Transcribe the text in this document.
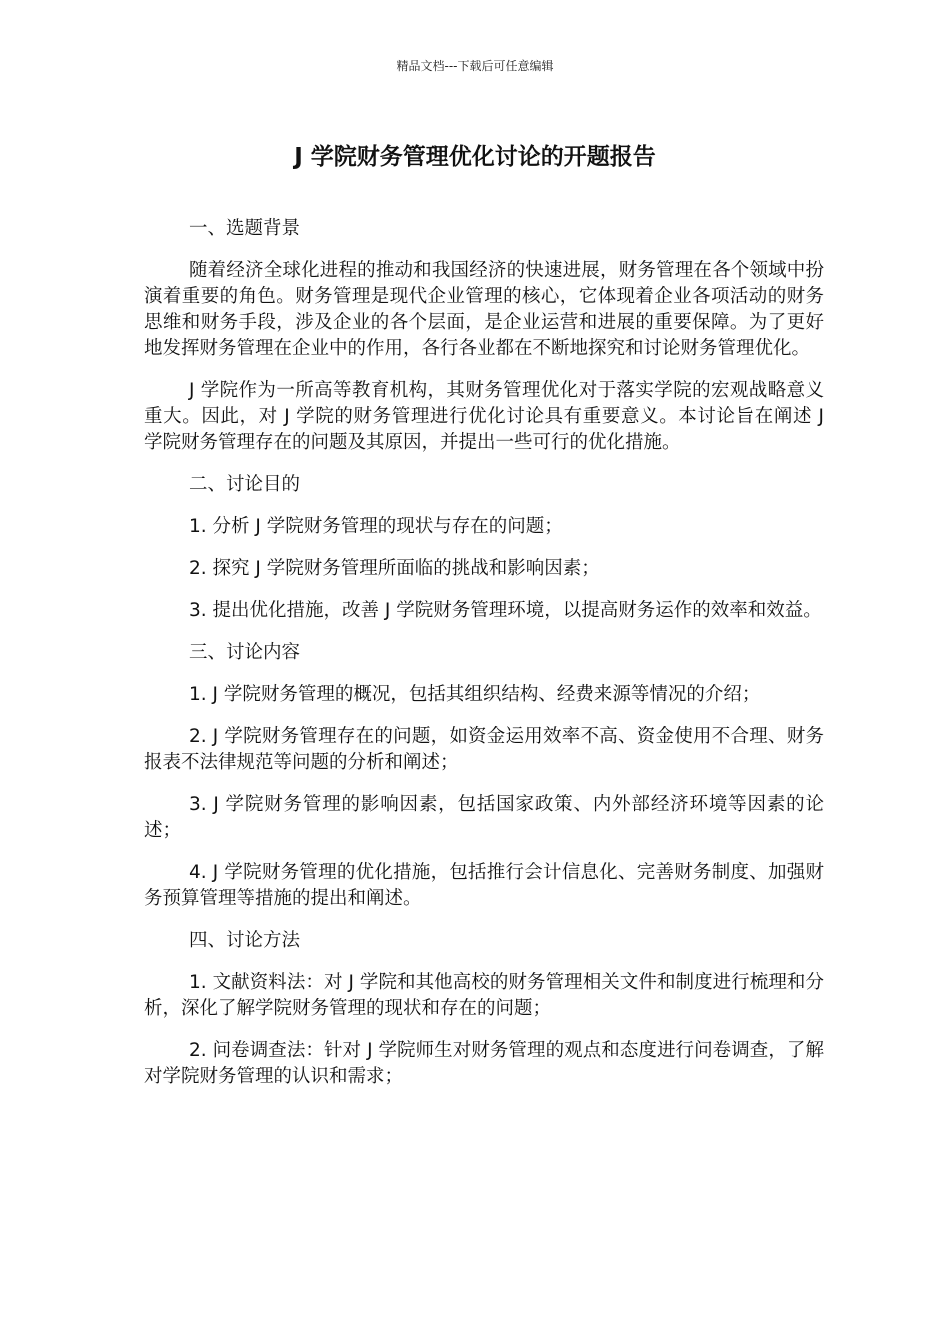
精品文档---下载后可任意编辑
J 学院财务管理优化讨论的开题报告

一、选题背景

随着经济全球化进程的推动和我国经济的快速进展，财务管理在各个领域中扮演着重要的角色。财务管理是现代企业管理的核心，它体现着企业各项活动的财务思维和财务手段，涉及企业的各个层面，是企业运营和进展的重要保障。为了更好地发挥财务管理在企业中的作用，各行各业都在不断地探究和讨论财务管理优化。

J 学院作为一所高等教育机构，其财务管理优化对于落实学院的宏观战略意义重大。因此，对 J 学院的财务管理进行优化讨论具有重要意义。本讨论旨在阐述 J 学院财务管理存在的问题及其原因，并提出一些可行的优化措施。

二、讨论目的

1. 分析 J 学院财务管理的现状与存在的问题；

2. 探究 J 学院财务管理所面临的挑战和影响因素；

3. 提出优化措施，改善 J 学院财务管理环境，以提高财务运作的效率和效益。

三、讨论内容

1. J 学院财务管理的概况，包括其组织结构、经费来源等情况的介绍；

2. J 学院财务管理存在的问题，如资金运用效率不高、资金使用不合理、财务报表不法律规范等问题的分析和阐述；

3. J 学院财务管理的影响因素，包括国家政策、内外部经济环境等因素的论述；

4. J 学院财务管理的优化措施，包括推行会计信息化、完善财务制度、加强财务预算管理等措施的提出和阐述。

四、讨论方法

1. 文献资料法：对 J 学院和其他高校的财务管理相关文件和制度进行梳理和分析，深化了解学院财务管理的现状和存在的问题；

2. 问卷调查法：针对 J 学院师生对财务管理的观点和态度进行问卷调查，了解对学院财务管理的认识和需求；
